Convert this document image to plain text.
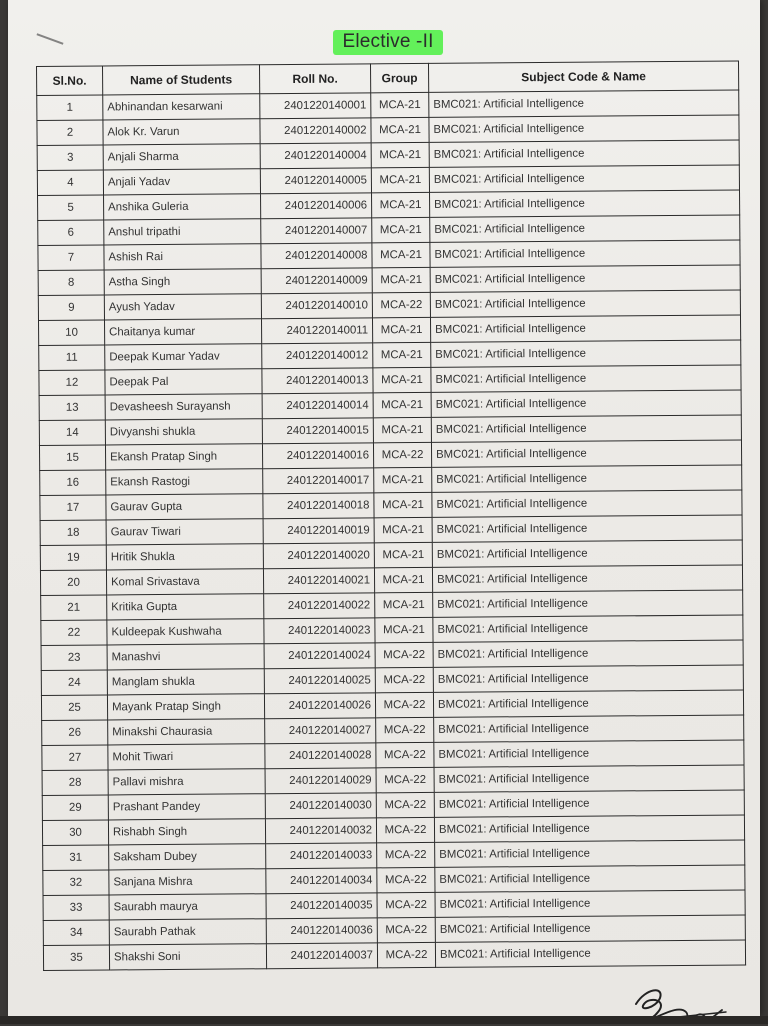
Elective -II
Sl.No.	Name of Students	Roll No.	Group	Subject Code & Name
1	Abhinandan kesarwani	2401220140001	MCA-21	BMC021: Artificial Intelligence
2	Alok Kr. Varun	2401220140002	MCA-21	BMC021: Artificial Intelligence
3	Anjali Sharma	2401220140004	MCA-21	BMC021: Artificial Intelligence
4	Anjali Yadav	2401220140005	MCA-21	BMC021: Artificial Intelligence
5	Anshika Guleria	2401220140006	MCA-21	BMC021: Artificial Intelligence
6	Anshul tripathi	2401220140007	MCA-21	BMC021: Artificial Intelligence
7	Ashish Rai	2401220140008	MCA-21	BMC021: Artificial Intelligence
8	Astha Singh	2401220140009	MCA-21	BMC021: Artificial Intelligence
9	Ayush Yadav	2401220140010	MCA-22	BMC021: Artificial Intelligence
10	Chaitanya kumar	2401220140011	MCA-21	BMC021: Artificial Intelligence
11	Deepak Kumar Yadav	2401220140012	MCA-21	BMC021: Artificial Intelligence
12	Deepak Pal	2401220140013	MCA-21	BMC021: Artificial Intelligence
13	Devasheesh Surayansh	2401220140014	MCA-21	BMC021: Artificial Intelligence
14	Divyanshi shukla	2401220140015	MCA-21	BMC021: Artificial Intelligence
15	Ekansh Pratap Singh	2401220140016	MCA-22	BMC021: Artificial Intelligence
16	Ekansh Rastogi	2401220140017	MCA-21	BMC021: Artificial Intelligence
17	Gaurav Gupta	2401220140018	MCA-21	BMC021: Artificial Intelligence
18	Gaurav Tiwari	2401220140019	MCA-21	BMC021: Artificial Intelligence
19	Hritik Shukla	2401220140020	MCA-21	BMC021: Artificial Intelligence
20	Komal Srivastava	2401220140021	MCA-21	BMC021: Artificial Intelligence
21	Kritika Gupta	2401220140022	MCA-21	BMC021: Artificial Intelligence
22	Kuldeepak Kushwaha	2401220140023	MCA-21	BMC021: Artificial Intelligence
23	Manashvi	2401220140024	MCA-22	BMC021: Artificial Intelligence
24	Manglam shukla	2401220140025	MCA-22	BMC021: Artificial Intelligence
25	Mayank Pratap Singh	2401220140026	MCA-22	BMC021: Artificial Intelligence
26	Minakshi Chaurasia	2401220140027	MCA-22	BMC021: Artificial Intelligence
27	Mohit Tiwari	2401220140028	MCA-22	BMC021: Artificial Intelligence
28	Pallavi mishra	2401220140029	MCA-22	BMC021: Artificial Intelligence
29	Prashant Pandey	2401220140030	MCA-22	BMC021: Artificial Intelligence
30	Rishabh Singh	2401220140032	MCA-22	BMC021: Artificial Intelligence
31	Saksham Dubey	2401220140033	MCA-22	BMC021: Artificial Intelligence
32	Sanjana Mishra	2401220140034	MCA-22	BMC021: Artificial Intelligence
33	Saurabh maurya	2401220140035	MCA-22	BMC021: Artificial Intelligence
34	Saurabh Pathak	2401220140036	MCA-22	BMC021: Artificial Intelligence
35	Shakshi Soni	2401220140037	MCA-22	BMC021: Artificial Intelligence
